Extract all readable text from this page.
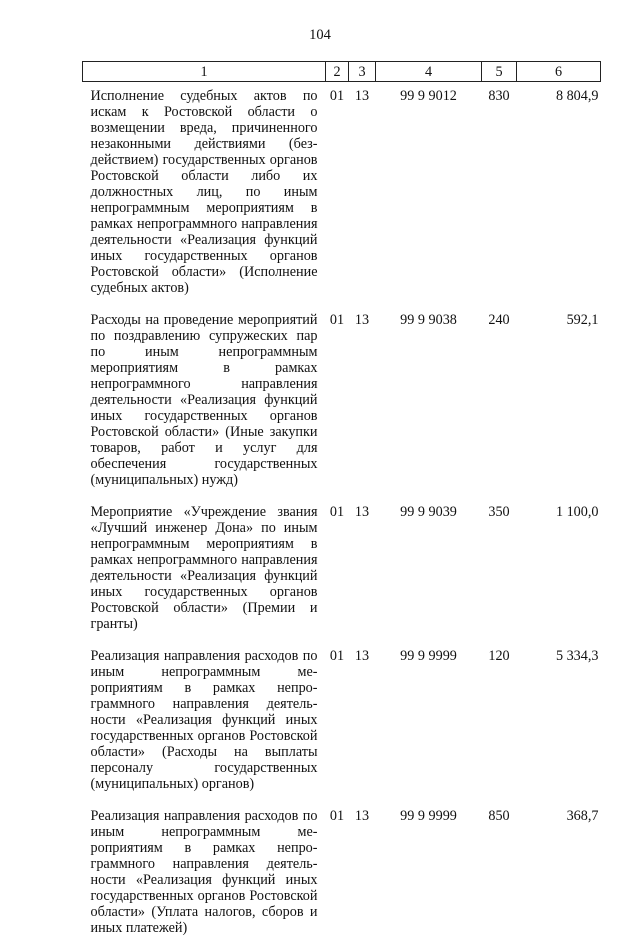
104
1	2	3	4	5	6
Исполнение судебных актов по искам к Ростовской области о возмещении вреда, причиненного незаконными действиями (бездействием) государственных органов Ростовской области либо их должностных лиц, по иным непрограммным мероприятиям в рамках непрограммного направления деятельности «Реализация функций иных государственных органов Ростовской области» (Исполнение судебных актов)	01	13	99 9 9012	830	8 804,9
Расходы на проведение мероприятий по поздравлению супружеских пар по иным непрограммным мероприятиям в рамках непрограммного направления деятельности «Реализация функций иных государственных органов Ростовской области» (Иные закупки товаров, работ и услуг для обеспечения государственных (муниципальных) нужд)	01	13	99 9 9038	240	592,1
Мероприятие «Учреждение звания «Лучший инженер Дона» по иным непрограммным мероприятиям в рамках непрограммного направления деятельности «Реализация функций иных государственных органов Ростовской области» (Премии и гранты)	01	13	99 9 9039	350	1 100,0
Реализация направления расходов по иным непрограммным мероприятиям в рамках непрограммного направления деятельности «Реализация функций иных государственных органов Ростовской области» (Расходы на выплаты персоналу государственных (муниципальных) органов)	01	13	99 9 9999	120	5 334,3
Реализация направления расходов по иным непрограммным мероприятиям в рамках непрограммного направления деятельности «Реализация функций иных государственных органов Ростовской области» (Уплата налогов, сборов и иных платежей)	01	13	99 9 9999	850	368,7
